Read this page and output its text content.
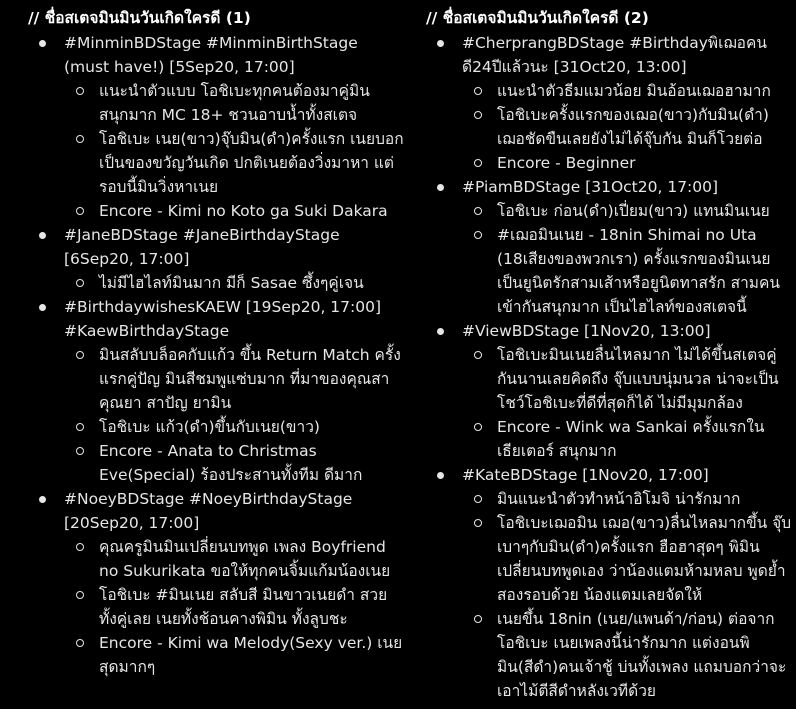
// ชื่อสเตจมินมินวันเกิดใครดี (1)
#MinminBDStage #MinminBirthStage (must have!) [5Sep20, 17:00]
แนะนำตัวแบบ โอชิเบะทุกคนต้องมาคู่มิน สนุกมาก MC 18+ ชวนอาบน้ำทั้งสเตจ
โอชิเบะ เนย(ขาว)จุ๊บมิน(ดำ)ครั้งแรก เนยบอกเป็นของขวัญวันเกิด ปกติเนยต้องวิ่งมาหา แต่รอบนี้มินวิ่งหาเนย
Encore - Kimi no Koto ga Suki Dakara
#JaneBDStage #JaneBirthdayStage [6Sep20, 17:00]
ไม่มีไฮไลท์มินมาก มีก็ Sasae ซึ้งๆคู่เจน
#BirthdaywishesKAEW [19Sep20, 17:00] #KaewBirthdayStage
มินสลับบล็อคกับแก้ว ขึ้น Return Match ครั้งแรกคู่ปัญ มินสีชมพูแซ่บมาก ที่มาของคุณสา คุณยา สาปัญ ยามิน
โอชิเบะ แก้ว(ดำ)ขึ้นกับเนย(ขาว)
Encore - Anata to Christmas Eve(Special) ร้องประสานทั้งทีม ดีมาก
#NoeyBDStage #NoeyBirthdayStage [20Sep20, 17:00]
คุณครูมินมินเปลี่ยนบทพูด เพลง Boyfriend no Sukurikata ขอให้ทุกคนจิ้มแก้มน้องเนย
โอชิเบะ #มินเนย สลับสี มินขาวเนยดำ สวยทั้งคู่เลย เนยทั้งช้อนคางพิมิน ทั้งลูบชะ
Encore - Kimi wa Melody(Sexy ver.) เนยสุดมากๆ
// ชื่อสเตจมินมินวันเกิดใครดี (2)
#CherprangBDStage #Birthdayพิเฌอคนดี24ปีแล้วนะ [31Oct20, 13:00]
แนะนำตัวธีมแมวน้อย มินอ้อนเฌอฮามาก
โอชิเบะครั้งแรกของเฌอ(ขาว)กับมิน(ดำ) เฌอชัดขืนเลยยังไม่ได้จุ๊บกัน มินก็โวยต่อ
Encore - Beginner
#PiamBDStage [31Oct20, 17:00]
โอชิเบะ ก่อน(ดำ)เปี่ยม(ขาว) แทนมินเนย
#เฌอมินเนย - 18nin Shimai no Uta (18เสียงของพวกเรา) ครั้งแรกของมินเนยเป็นยูนิตรักสามเส้าหรือยูนิตทาสรัก สามคนเข้ากันสนุกมาก เป็นไฮไลท์ของสเตจนี้
#ViewBDStage [1Nov20, 13:00]
โอชิเบะมินเนยลื่นไหลมาก ไม่ได้ขึ้นสเตจคู่กันนานเลยคิดถึง จุ๊บแบบนุ่มนวล น่าจะเป็นโชว์โอชิเบะที่ดีที่สุดก็ได้ ไม่มีมุมกล้อง
Encore - Wink wa Sankai ครั้งแรกในเธียเตอร์ สนุกมาก
#KateBDStage [1Nov20, 17:00]
มินแนะนำตัวทำหน้าอิโมจิ น่ารักมาก
โอชิเบะเฌอมิน เฌอ(ขาว)ลื่นไหลมากขึ้น จุ๊บเบาๆกับมิน(ดำ)ครั้งแรก ฮือฮาสุดๆ พิมินเปลี่ยนบทพูดเอง ว่าน้องแตมห้ามหลบ พูดย้ำสองรอบด้วย น้องแตมเลยจัดให้
เนยขึ้น 18nin (เนย/แพนด้า/ก่อน) ต่อจากโอชิเบะ เนยเพลงนี้น่ารักมาก แต่งอนพิมิน(สีดำ)คนเจ้าชู้ บ่นทั้งเพลง แถมบอกว่าจะเอาไม้ตีสีดำหลังเวทีด้วย
